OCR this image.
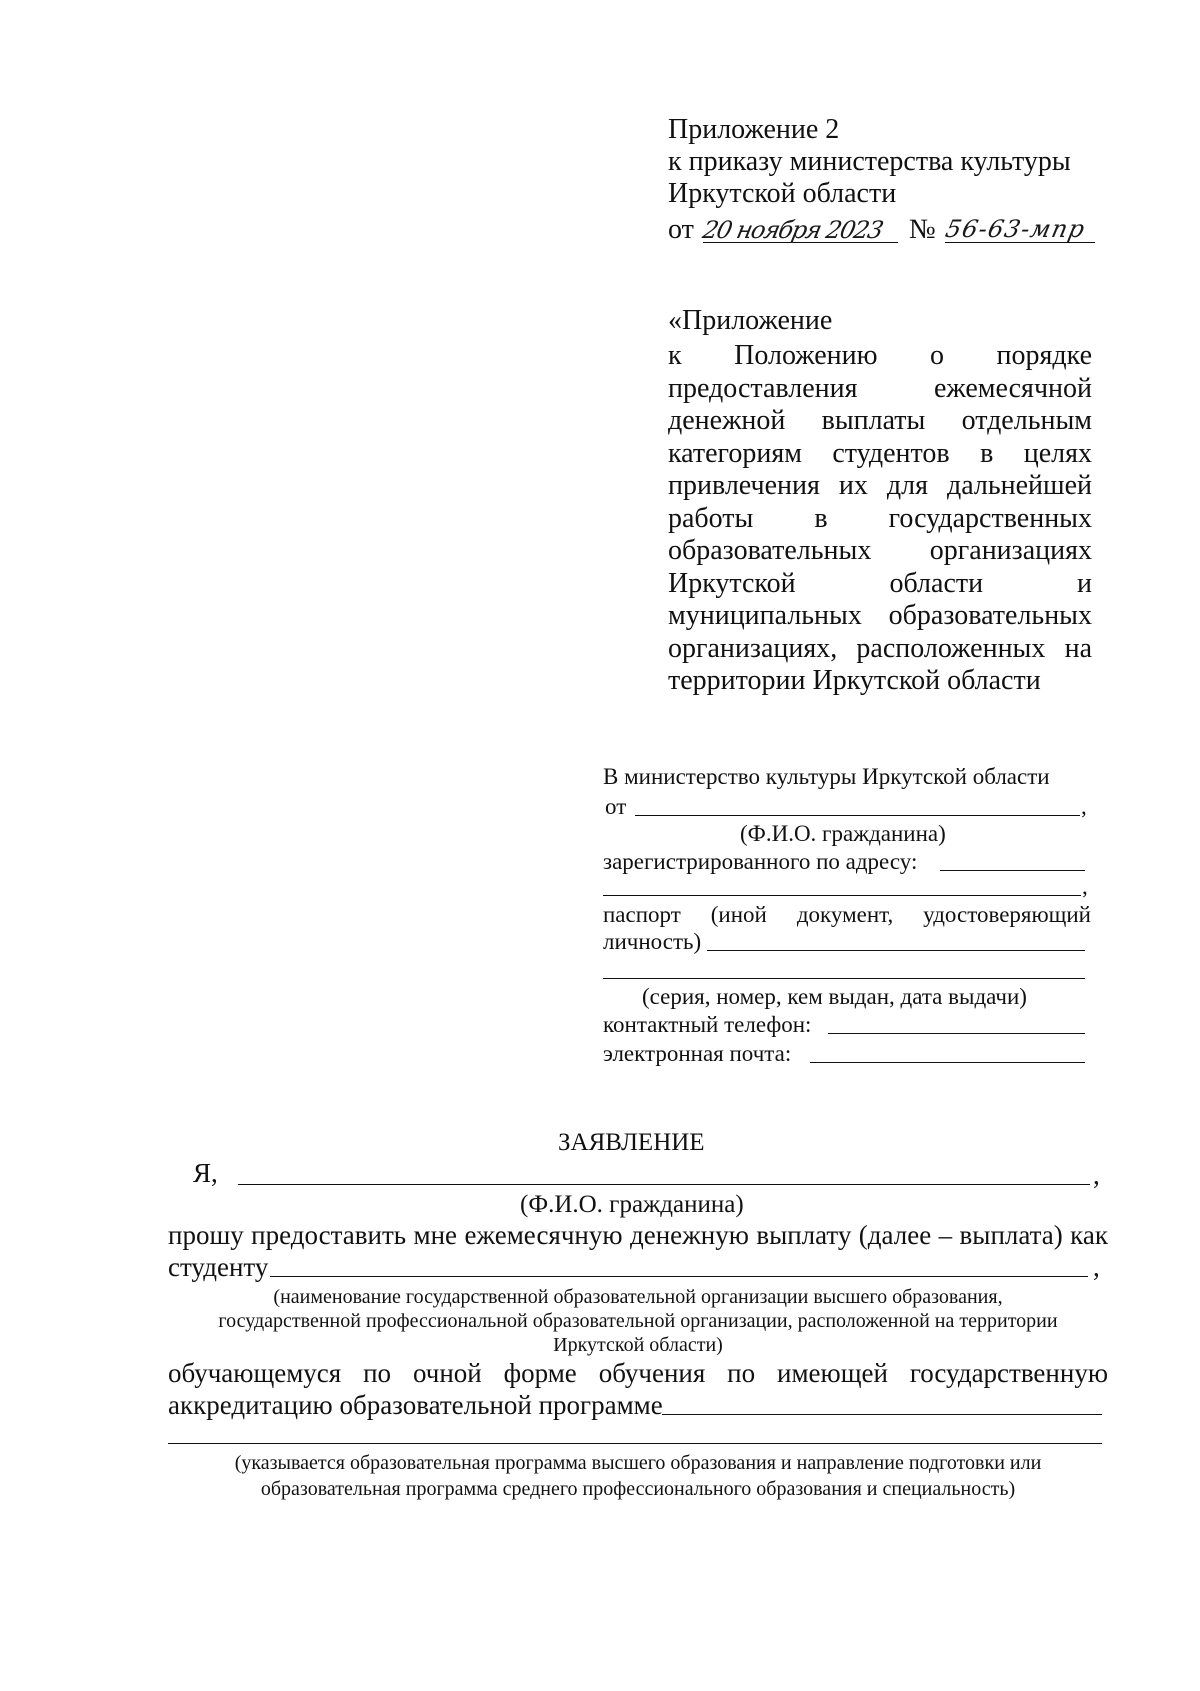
Приложение 2
к приказу министерства культуры
Иркутской области
от 20 ноября 2023 № 56-63-мпр
«Приложение
к Положению о порядке
предоставления ежемесячной
денежной выплаты отдельным
категориям студентов в целях
привлечения их для дальнейшей
работы в государственных
образовательных организациях
Иркутской области и
муниципальных образовательных
организациях, расположенных на
территории Иркутской области
В министерство культуры Иркутской области
от	,
(Ф.И.О. гражданина)
зарегистрированного по адресу:
,
паспорт (иной документ, удостоверяющий
личность)
(серия, номер, кем выдан, дата выдачи)
контактный телефон:
электронная почта:
ЗАЯВЛЕНИЕ
Я,	,
(Ф.И.О. гражданина)
прошу предоставить мне ежемесячную денежную выплату (далее – выплата) как
студенту	,
(наименование государственной образовательной организации высшего образования,
государственной профессиональной образовательной организации, расположенной на территории
Иркутской области)
обучающемуся по очной форме обучения по имеющей государственную
аккредитацию образовательной программе
(указывается образовательная программа высшего образования и направление подготовки или
образовательная программа среднего профессионального образования и специальность)
